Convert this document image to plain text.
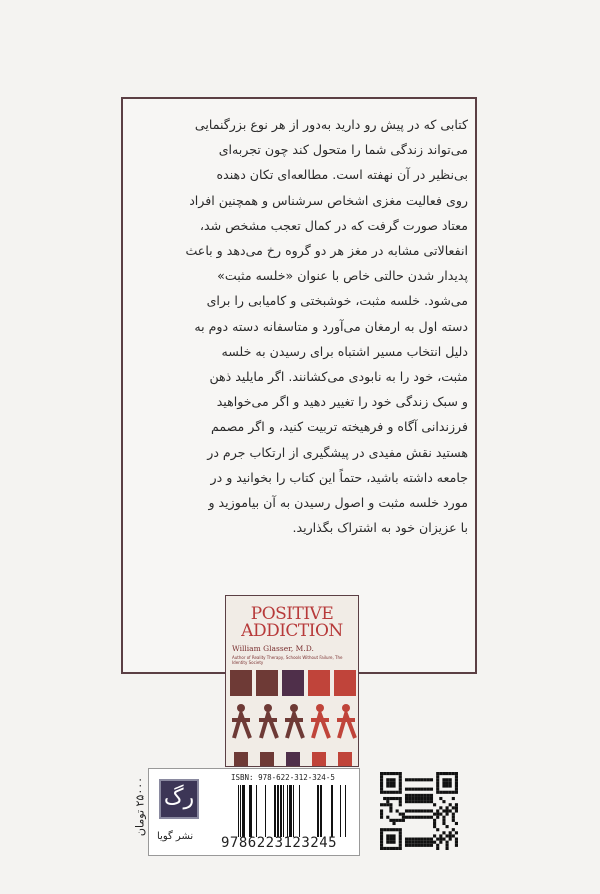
کتابی که در پیش رو دارید به‌دور از هر نوع بزرگنمایی

می‌تواند زندگی شما را متحول کند چون تجربه‌ای

بی‌نظیر در آن نهفته است. مطالعه‌ای تکان دهنده

روی فعالیت مغزی اشخاص سرشناس و همچنین افراد

معتاد صورت گرفت که در کمال تعجب مشخص شد،

انفعالاتی مشابه در مغز هر دو گروه رخ می‌دهد و باعث

پدیدار شدن حالتی خاص با عنوان «خلسه مثبت»

می‌شود. خلسه مثبت، خوشبختی و کامیابی را برای

دسته اول به ارمغان می‌آورد و متاسفانه دسته دوم به

دلیل انتخاب مسیر اشتباه برای رسیدن به خلسه

مثبت، خود را به نابودی می‌کشانند. اگر مایلید ذهن

و سبک زندگی خود را تغییر دهید و اگر می‌خواهید

فرزندانی آگاه و فرهیخته تربیت کنید، و اگر مصمم

هستید نقش مفیدی در پیشگیری از ارتکاب جرم در

جامعه داشته باشید، حتماً این کتاب را بخوانید و در

مورد خلسه مثبت و اصول رسیدن به آن بیاموزید و

با عزیزان خود به اشتراک بگذارید.

POSITIVE
ADDICTION
William Glasser, M.D.
Author of Reality Therapy, Schools Without Failure, The Identity Society
رگ
نشر گویا
ISBN: 978-622-312-324-5
9786223123245
۲۵۰۰۰ تومان
